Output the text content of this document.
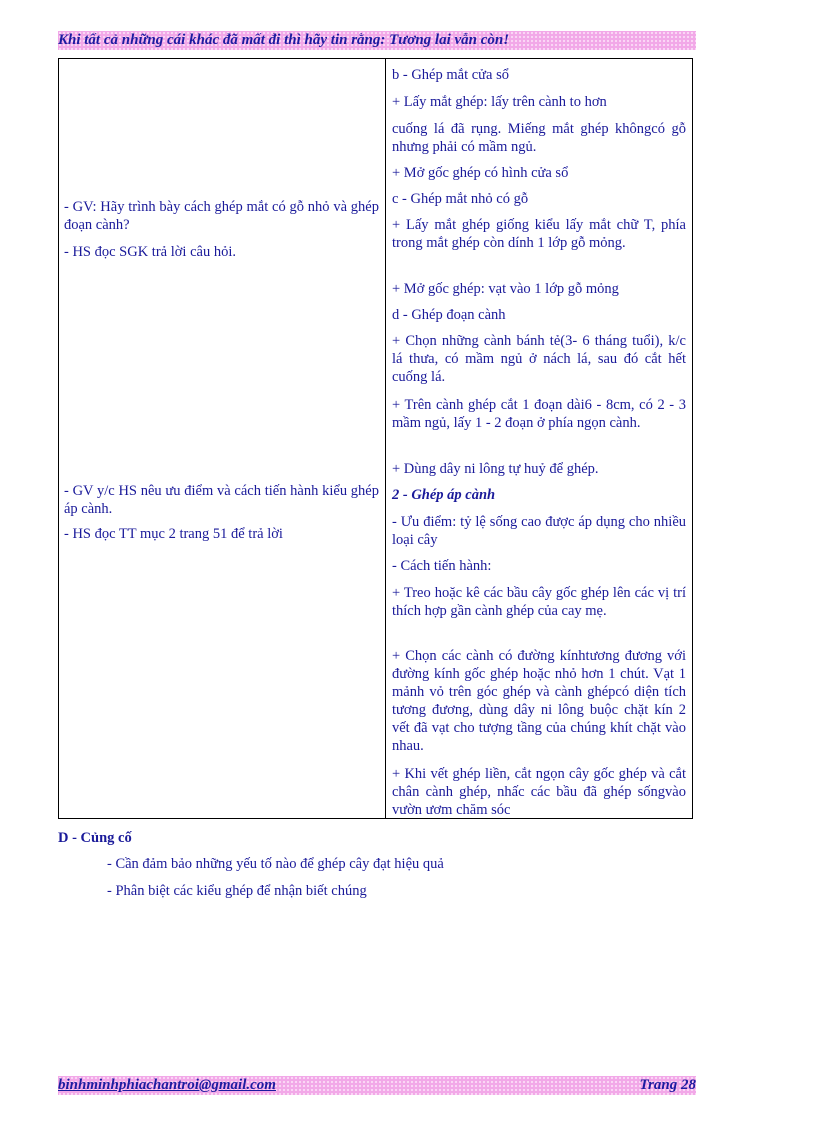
Khi tất cả những cái khác đã mất đi thì hãy tin rằng: Tương lai vẫn còn!

- GV: Hãy trình bày cách ghép mắt có gỗ nhỏ và ghép đoạn cành?

- HS đọc SGK trả lời câu hỏi.

- GV y/c HS nêu ưu điểm và cách tiến hành kiểu ghép áp cành.

- HS đọc TT mục 2 trang 51 để trả lời

b - Ghép mắt cửa sổ

+ Lấy mắt ghép: lấy trên cành to hơn

cuống lá đã rụng. Miếng mắt ghép khôngcó gỗ nhưng phải có mầm ngủ.

+ Mở gốc ghép có hình cửa sổ

c - Ghép mắt nhỏ có gỗ

+ Lấy mắt ghép giống kiểu lấy mắt chữ T, phía trong mắt ghép còn dính 1 lớp gỗ mỏng.

+ Mở gốc ghép: vạt vào 1 lớp gỗ mỏng

d - Ghép đoạn cành

+ Chọn những cành bánh tẻ(3- 6 tháng tuổi), k/c lá thưa, có mầm ngủ ở nách lá, sau đó cắt hết cuống lá.

+ Trên cành ghép cắt 1 đoạn dài6 - 8cm, có 2 - 3 mầm ngủ, lấy 1 - 2 đoạn ở phía ngọn cành.

+ Dùng dây ni lông tự huỷ để ghép.

2 - Ghép áp cành

- Ưu điểm: tỷ lệ sống cao được áp dụng cho nhiều loại cây

- Cách tiến hành:

+ Treo hoặc kê các bầu cây gốc ghép lên các vị trí thích hợp gần cành ghép của cay mẹ.

+ Chọn các cành có đường kínhtương đương với đường kính gốc ghép hoặc nhỏ hơn 1 chút. Vạt 1 mảnh vỏ trên góc ghép và cành ghépcó diện tích tương đương, dùng dây ni lông buộc chặt kín 2 vết đã vạt cho tượng tầng của chúng khít chặt vào nhau.

+ Khi vết ghép liền, cắt ngọn cây gốc ghép và cắt chân cành ghép, nhấc các bầu đã ghép sốngvào vườn ươm chăm sóc

D - Củng cố

- Cần đảm bảo những yếu tố nào để ghép cây đạt hiệu quả

- Phân biệt các kiểu ghép để nhận biết chúng

binhminhphiachantroi@gmail.com	Trang 28
